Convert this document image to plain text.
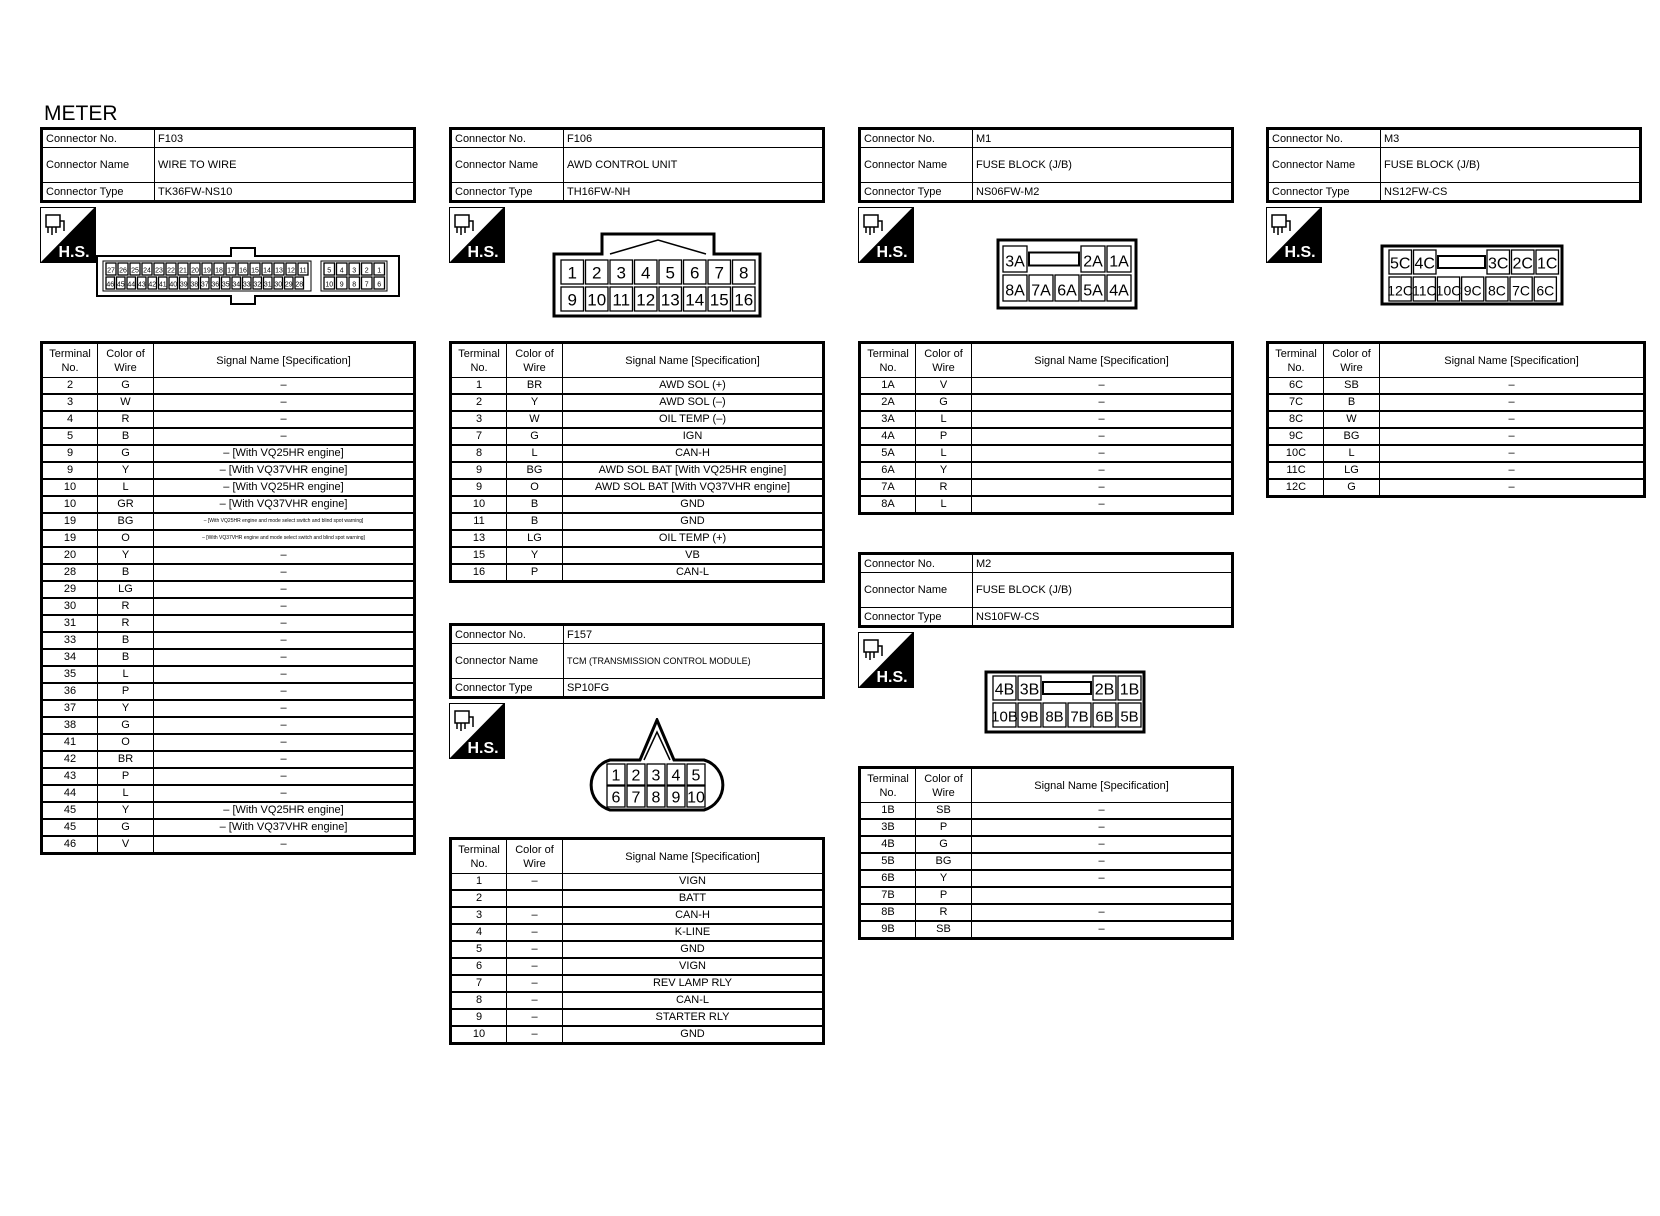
METER
Connector No.	F103
Connector Name	WIRE TO WIRE
Connector Type	TK36FW-NS10
H.S.
27 26 25 24 23 22 21 20 19 18 17 16 15 14 13 12 11
46 45 44 43 42 41 40 39 38 37 36 35 34 33 32 31 30 29 28
5 4 3 2 1
10 9 8 7 6
Terminal No.	Color of Wire	Signal Name [Specification]
2	G	–
3	W	–
4	R	–
5	B	–
9	G	– [With VQ25HR engine]
9	Y	– [With VQ37VHR engine]
10	L	– [With VQ25HR engine]
10	GR	– [With VQ37VHR engine]
19	BG	– [With VQ25HR engine and mode select switch and blind spot warning]
19	O	– [With VQ37VHR engine and mode select switch and blind spot warning]
20	Y	–
28	B	–
29	LG	–
30	R	–
31	R	–
33	B	–
34	B	–
35	L	–
36	P	–
37	Y	–
38	G	–
41	O	–
42	BR	–
43	P	–
44	L	–
45	Y	– [With VQ25HR engine]
45	G	– [With VQ37VHR engine]
46	V	–
Connector No.	F106
Connector Name	AWD CONTROL UNIT
Connector Type	TH16FW-NH
H.S.
1 2 3 4 5 6 7 8
9 10 11 12 13 14 15 16
Terminal No.	Color of Wire	Signal Name [Specification]
1	BR	AWD SOL (+)
2	Y	AWD SOL (–)
3	W	OIL TEMP (–)
7	G	IGN
8	L	CAN-H
9	BG	AWD SOL BAT [With VQ25HR engine]
9	O	AWD SOL BAT [With VQ37VHR engine]
10	B	GND
11	B	GND
13	LG	OIL TEMP (+)
15	Y	VB
16	P	CAN-L
Connector No.	F157
Connector Name	TCM (TRANSMISSION CONTROL MODULE)
Connector Type	SP10FG
H.S.
1 2 3 4 5
6 7 8 9 10
Terminal No.	Color of Wire	Signal Name [Specification]
1	–	VIGN
2		BATT
3	–	CAN-H
4	–	K-LINE
5	–	GND
6	–	VIGN
7	–	REV LAMP RLY
8	–	CAN-L
9	–	STARTER RLY
10	–	GND
Connector No.	M1
Connector Name	FUSE BLOCK (J/B)
Connector Type	NS06FW-M2
H.S.
3A	2A 1A
8A 7A 6A 5A 4A
Terminal No.	Color of Wire	Signal Name [Specification]
1A	V	–
2A	G	–
3A	L	–
4A	P	–
5A	L	–
6A	Y	–
7A	R	–
8A	L	–
Connector No.	M2
Connector Name	FUSE BLOCK (J/B)
Connector Type	NS10FW-CS
H.S.
4B 3B	2B 1B
10B 9B 8B 7B 6B 5B
Terminal No.	Color of Wire	Signal Name [Specification]
1B	SB	–
3B	P	–
4B	G	–
5B	BG	–
6B	Y	–
7B	P	
8B	R	–
9B	SB	–
Connector No.	M3
Connector Name	FUSE BLOCK (J/B)
Connector Type	NS12FW-CS
H.S.
5C 4C	3C 2C 1C
12C 11C 10C 9C 8C 7C 6C
Terminal No.	Color of Wire	Signal Name [Specification]
6C	SB	–
7C	B	–
8C	W	–
9C	BG	–
10C	L	–
11C	LG	–
12C	G	–
